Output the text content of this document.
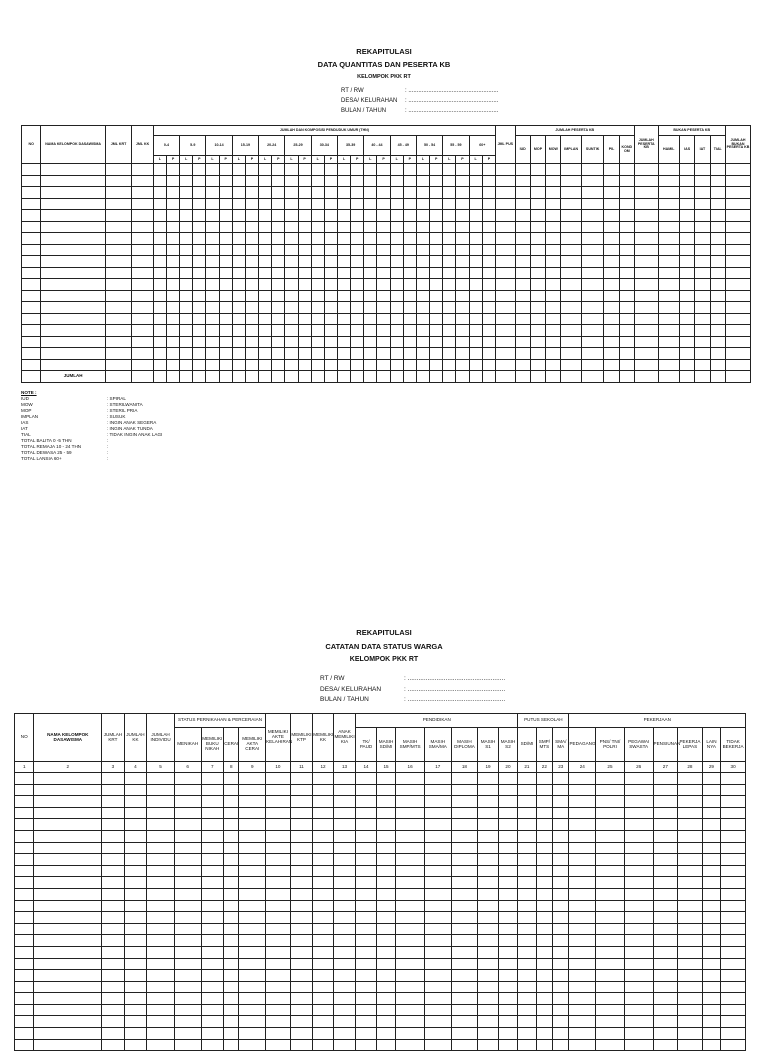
REKAPITULASI
DATA QUANTITAS DAN PESERTA KB
KELOMPOK PKK RT
RT / RW	: ......................................................
DESA/ KELURAHAN : ......................................................
BULAN / TAHUN	: ......................................................
NO	NAMA KELOMPOK DASAWISMA	JML KRT	JML KK	JUMLAH DAN KOMPOSISI PENDUDUK UMUR (THN)																										JML PUS	JUMLAH PESERTA KB							JUMLAH PESERTA KB	BUKAN PESERTA KB				JUMLAH BUKAN PESERTA KB
				0-4		5-9		10-14		15-19		20-24		25-29		30-34		35-39		40 - 44		45 - 49		50 - 54		55 - 59		60+			IUD	MOP	MOW	IMPLAN	SUNTIK	PIL	KOND OM		HAMIL	IAS	IAT	TIAL	
				L	P	L	P	L	P	L	P	L	P	L	P	L	P	L	P	L	P	L	P	L	P	L	P	L	P														

	JUMLAH																																										
NOTE :
IUD	: SPIRAL
MOW	: STERILWANITA
MOP	: STERIL PRIA
IMPLAN	: SUSUK
IAS	: INGIN ANAK SEGERA
IAT	: INGIN ANAK TUNDA
TIAL	: TIDAK INGIN ANAK LAGI
TOTAL BALITA 0 -5 THN	:
TOTAL REMAJA 10 - 24 THN	:
TOTAL DEWASA 25 - 59	:
TOTAL LANSIA 60+	:
REKAPITULASI
CATATAN DATA STATUS WARGA
KELOMPOK PKK RT
RT / RW	: ......................................................
DESA/ KELURAHAN	: ......................................................
BULAN / TAHUN	: ......................................................
NO	NAMA KELOMPOK DASAWISMA	JUMLAH KRT	JUMLAH KK	JUMLAH INDIVIDU	STATUS PERNIKAHAN & PERCERAIAN				MEMILIKI AKTE KELAHIRAN	MEMILIKI KTP	MEMILIKI KK	ANAK MEMILIKI KIA	PENDIDIKAN							PUTUS SEKOLAH			PEKERJAAN						
					MENIKAH	MEMILIKI BUKU NIKAH	CERAI	MEMILIKI AKTA CERAI					TK/ PAUD	MASIH SD/MI	MASIH SMP/MTS	MASIH SMA/MA	MASIH DIPLOMA	MASIH S1	MASIH S2	SD/MI	SMP/ MTS	SMA/ MA	PEDAGANG	PNS/ TNI/ POLRI	PEGAWAI SWASTA	PENSIUNAN	PEKERJA LEPAS	LAIN NYA	TIDAK BEKERJA
1	2	3	4	5	6	7	8	9	10	11	12	13	14	15	16	17	18	19	20	21	22	23	24	25	26	27	28	29	30
